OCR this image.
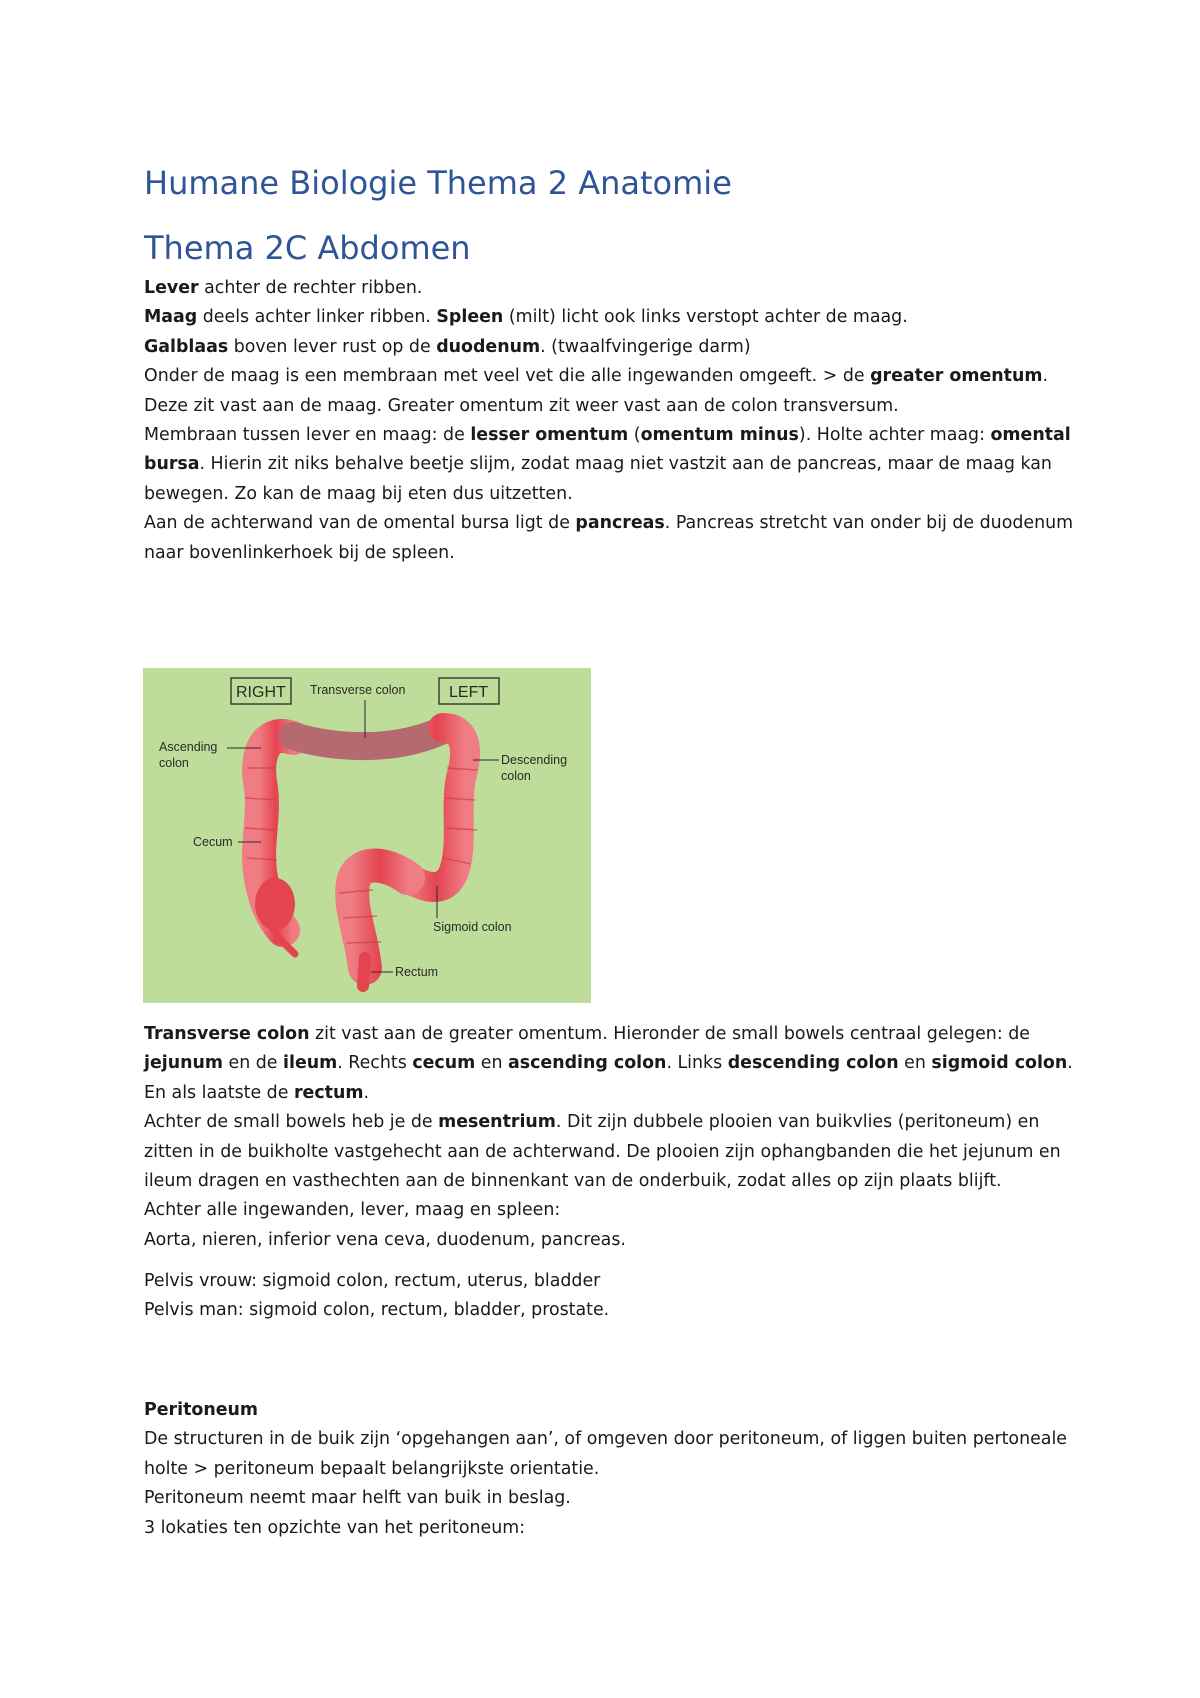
Humane Biologie Thema 2 Anatomie
Thema 2C Abdomen

Lever achter de rechter ribben.

Maag deels achter linker ribben. Spleen (milt) licht ook links verstopt achter de maag.

Galblaas boven lever rust op de duodenum. (twaalfvingerige darm)

Onder de maag is een membraan met veel vet die alle ingewanden omgeeft. > de greater omentum.

Deze zit vast aan de maag. Greater omentum zit weer vast aan de colon transversum.

Membraan tussen lever en maag: de lesser omentum (omentum minus). Holte achter maag: omental bursa. Hierin zit niks behalve beetje slijm, zodat maag niet vastzit aan de pancreas, maar de maag kan bewegen. Zo kan de maag bij eten dus uitzetten.

Aan de achterwand van de omental bursa ligt de pancreas. Pancreas stretcht van onder bij de duodenum naar bovenlinkerhoek bij de spleen.

RIGHT	LEFT
Transverse colon
Ascending
colon	Descending
colon
Cecum
Sigmoid colon
Rectum

Transverse colon zit vast aan de greater omentum. Hieronder de small bowels centraal gelegen: de jejunum en de ileum. Rechts cecum en ascending colon. Links descending colon en sigmoid colon.

En als laatste de rectum.

Achter de small bowels heb je de mesentrium. Dit zijn dubbele plooien van buikvlies (peritoneum) en zitten in de buikholte vastgehecht aan de achterwand. De plooien zijn ophangbanden die het jejunum en ileum dragen en vasthechten aan de binnenkant van de onderbuik, zodat alles op zijn plaats blijft.

Achter alle ingewanden, lever, maag en spleen:

Aorta, nieren, inferior vena ceva, duodenum, pancreas.

Pelvis vrouw: sigmoid colon, rectum, uterus, bladder

Pelvis man: sigmoid colon, rectum, bladder, prostate.

Peritoneum

De structuren in de buik zijn ‘opgehangen aan’, of omgeven door peritoneum, of liggen buiten pertoneale holte > peritoneum bepaalt belangrijkste orientatie.

Peritoneum neemt maar helft van buik in beslag.

3 lokaties ten opzichte van het peritoneum:
